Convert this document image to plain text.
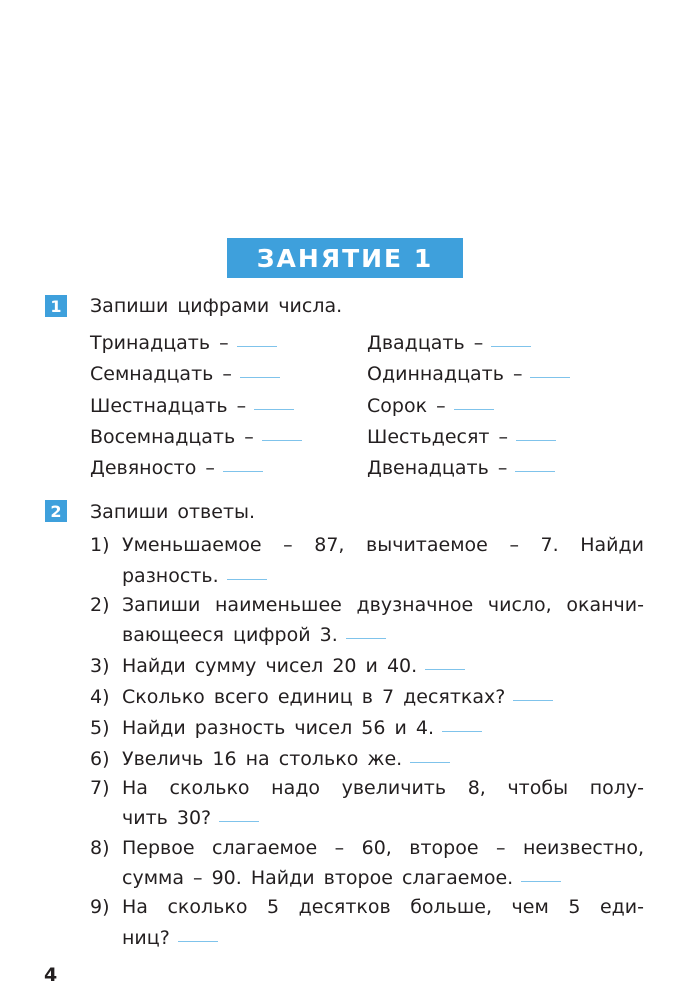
ЗАНЯТИЕ 1
1 Запиши цифрами числа.
Тринадцать –
Семнадцать –
Шестнадцать –
Восемнадцать –
Девяносто –
Двадцать –
Одиннадцать –
Сорок –
Шестьдесят –
Двенадцать –
2 Запиши ответы.
1) Уменьшаемое – 87, вычитаемое – 7. Найди
разность.
2) Запиши наименьшее двузначное число, оканчи-
вающееся цифрой 3.
3) Найди сумму чисел 20 и 40.
4) Сколько всего единиц в 7 десятках?
5) Найди разность чисел 56 и 4.
6) Увеличь 16 на столько же.
7) На сколько надо увеличить 8, чтобы полу-
чить 30?
8) Первое слагаемое – 60, второе – неизвестно,
сумма – 90. Найди второе слагаемое.
9) На сколько 5 десятков больше, чем 5 еди-
ниц?
4
